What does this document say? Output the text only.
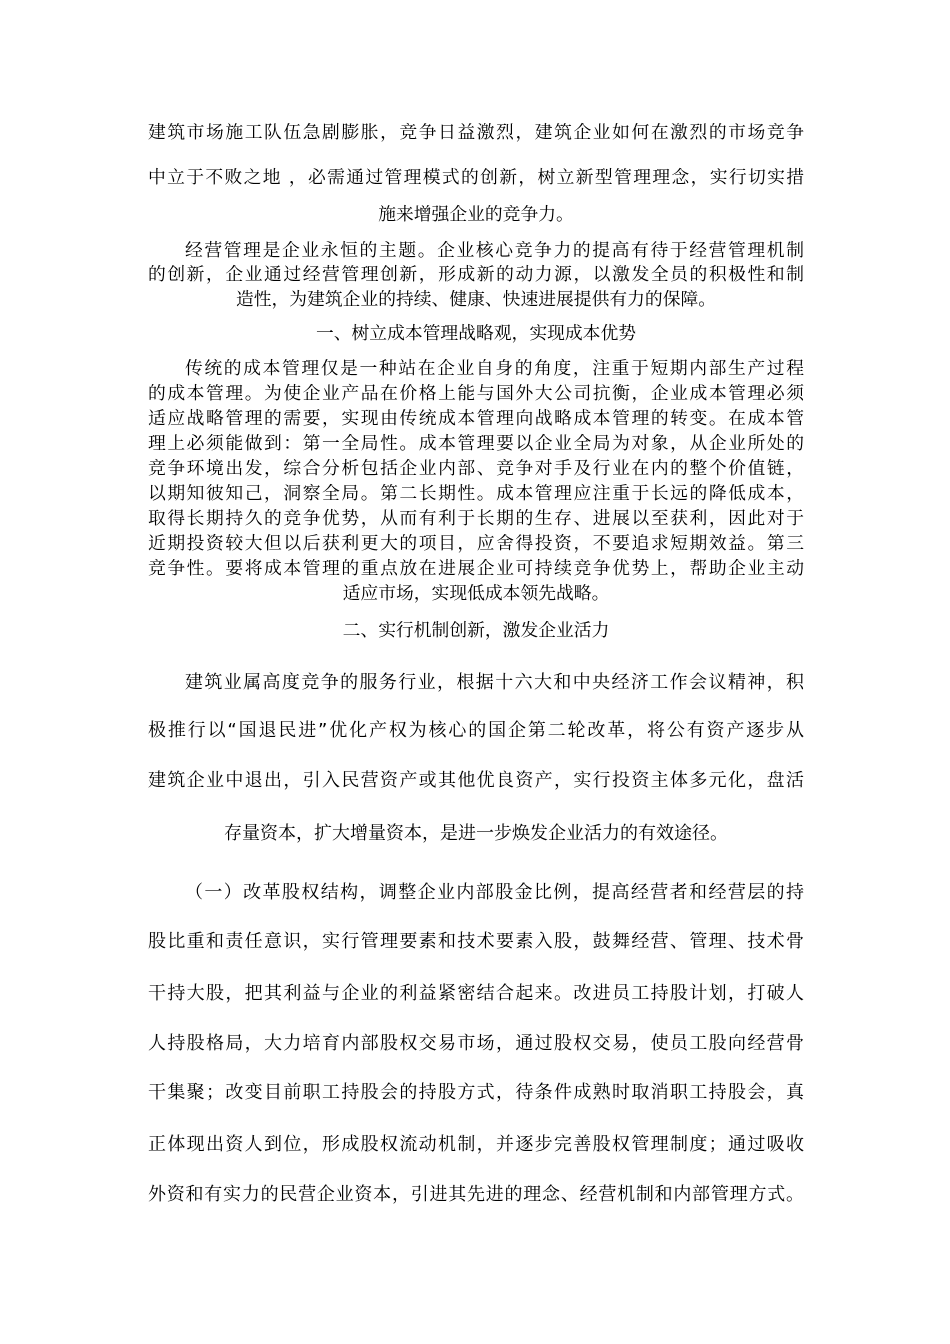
建筑市场施工队伍急剧膨胀，竞争日益激烈，建筑企业如何在激烈的市场竞争

中立于不败之地 ，必需通过管理模式的创新，树立新型管理理念，实行切实措

施来增强企业的竞争力。

经营管理是企业永恒的主题。企业核心竞争力的提高有待于经营管理机制

的创新，企业通过经营管理创新，形成新的动力源，以激发全员的积极性和制

造性，为建筑企业的持续、健康、快速进展提供有力的保障。

一、树立成本管理战略观，实现成本优势

传统的成本管理仅是一种站在企业自身的角度，注重于短期内部生产过程

的成本管理。为使企业产品在价格上能与国外大公司抗衡，企业成本管理必须

适应战略管理的需要，实现由传统成本管理向战略成本管理的转变。在成本管

理上必须能做到：第一全局性。成本管理要以企业全局为对象，从企业所处的

竞争环境出发，综合分析包括企业内部、竞争对手及行业在内的整个价值链，

以期知彼知己，洞察全局。第二长期性。成本管理应注重于长远的降低成本，

取得长期持久的竞争优势，从而有利于长期的生存、进展以至获利，因此对于

近期投资较大但以后获利更大的项目，应舍得投资，不要追求短期效益。第三

竞争性。要将成本管理的重点放在进展企业可持续竞争优势上，帮助企业主动

适应市场，实现低成本领先战略。

二、实行机制创新，激发企业活力

建筑业属高度竞争的服务行业，根据十六大和中央经济工作会议精神，积

极推行以“国退民进”优化产权为核心的国企第二轮改革，将公有资产逐步从

建筑企业中退出，引入民营资产或其他优良资产，实行投资主体多元化，盘活

存量资本，扩大增量资本，是进一步焕发企业活力的有效途径。

（一）改革股权结构，调整企业内部股金比例，提高经营者和经营层的持

股比重和责任意识，实行管理要素和技术要素入股，鼓舞经营、管理、技术骨

干持大股，把其利益与企业的利益紧密结合起来。改进员工持股计划，打破人

人持股格局，大力培育内部股权交易市场，通过股权交易，使员工股向经营骨

干集聚；改变目前职工持股会的持股方式，待条件成熟时取消职工持股会，真

正体现出资人到位，形成股权流动机制，并逐步完善股权管理制度；通过吸收

外资和有实力的民营企业资本，引进其先进的理念、经营机制和内部管理方式。
